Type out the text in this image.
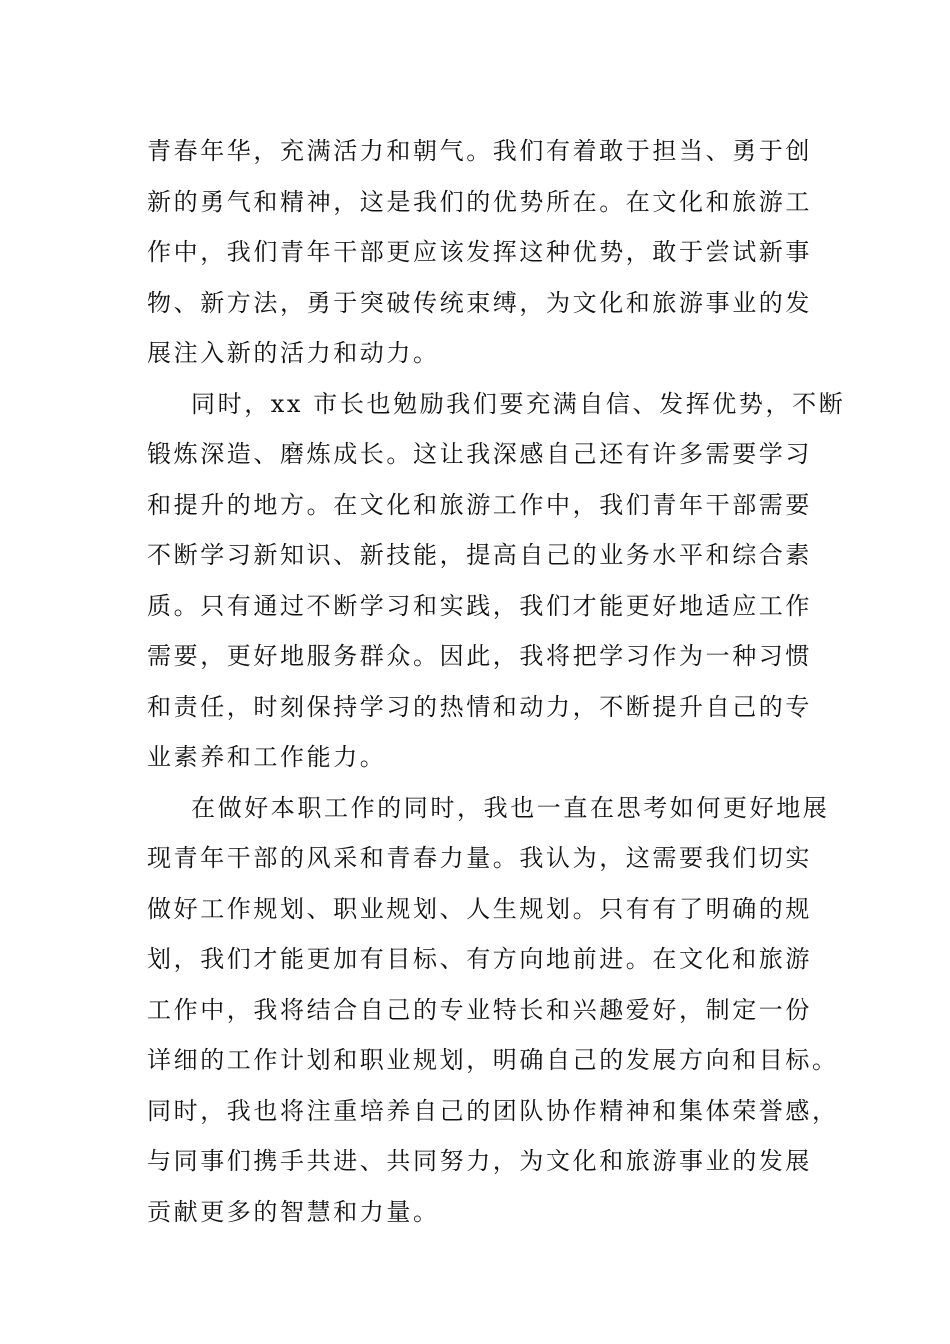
青春年华，充满活力和朝气。我们有着敢于担当、勇于创
新的勇气和精神，这是我们的优势所在。在文化和旅游工
作中，我们青年干部更应该发挥这种优势，敢于尝试新事
物、新方法，勇于突破传统束缚，为文化和旅游事业的发
展注入新的活力和动力。
同时，xx 市长也勉励我们要充满自信、发挥优势，不断
锻炼深造、磨炼成长。这让我深感自己还有许多需要学习
和提升的地方。在文化和旅游工作中，我们青年干部需要
不断学习新知识、新技能，提高自己的业务水平和综合素
质。只有通过不断学习和实践，我们才能更好地适应工作
需要，更好地服务群众。因此，我将把学习作为一种习惯
和责任，时刻保持学习的热情和动力，不断提升自己的专
业素养和工作能力。
在做好本职工作的同时，我也一直在思考如何更好地展
现青年干部的风采和青春力量。我认为，这需要我们切实
做好工作规划、职业规划、人生规划。只有有了明确的规
划，我们才能更加有目标、有方向地前进。在文化和旅游
工作中，我将结合自己的专业特长和兴趣爱好，制定一份
详细的工作计划和职业规划，明确自己的发展方向和目标。
同时，我也将注重培养自己的团队协作精神和集体荣誉感，
与同事们携手共进、共同努力，为文化和旅游事业的发展
贡献更多的智慧和力量。
